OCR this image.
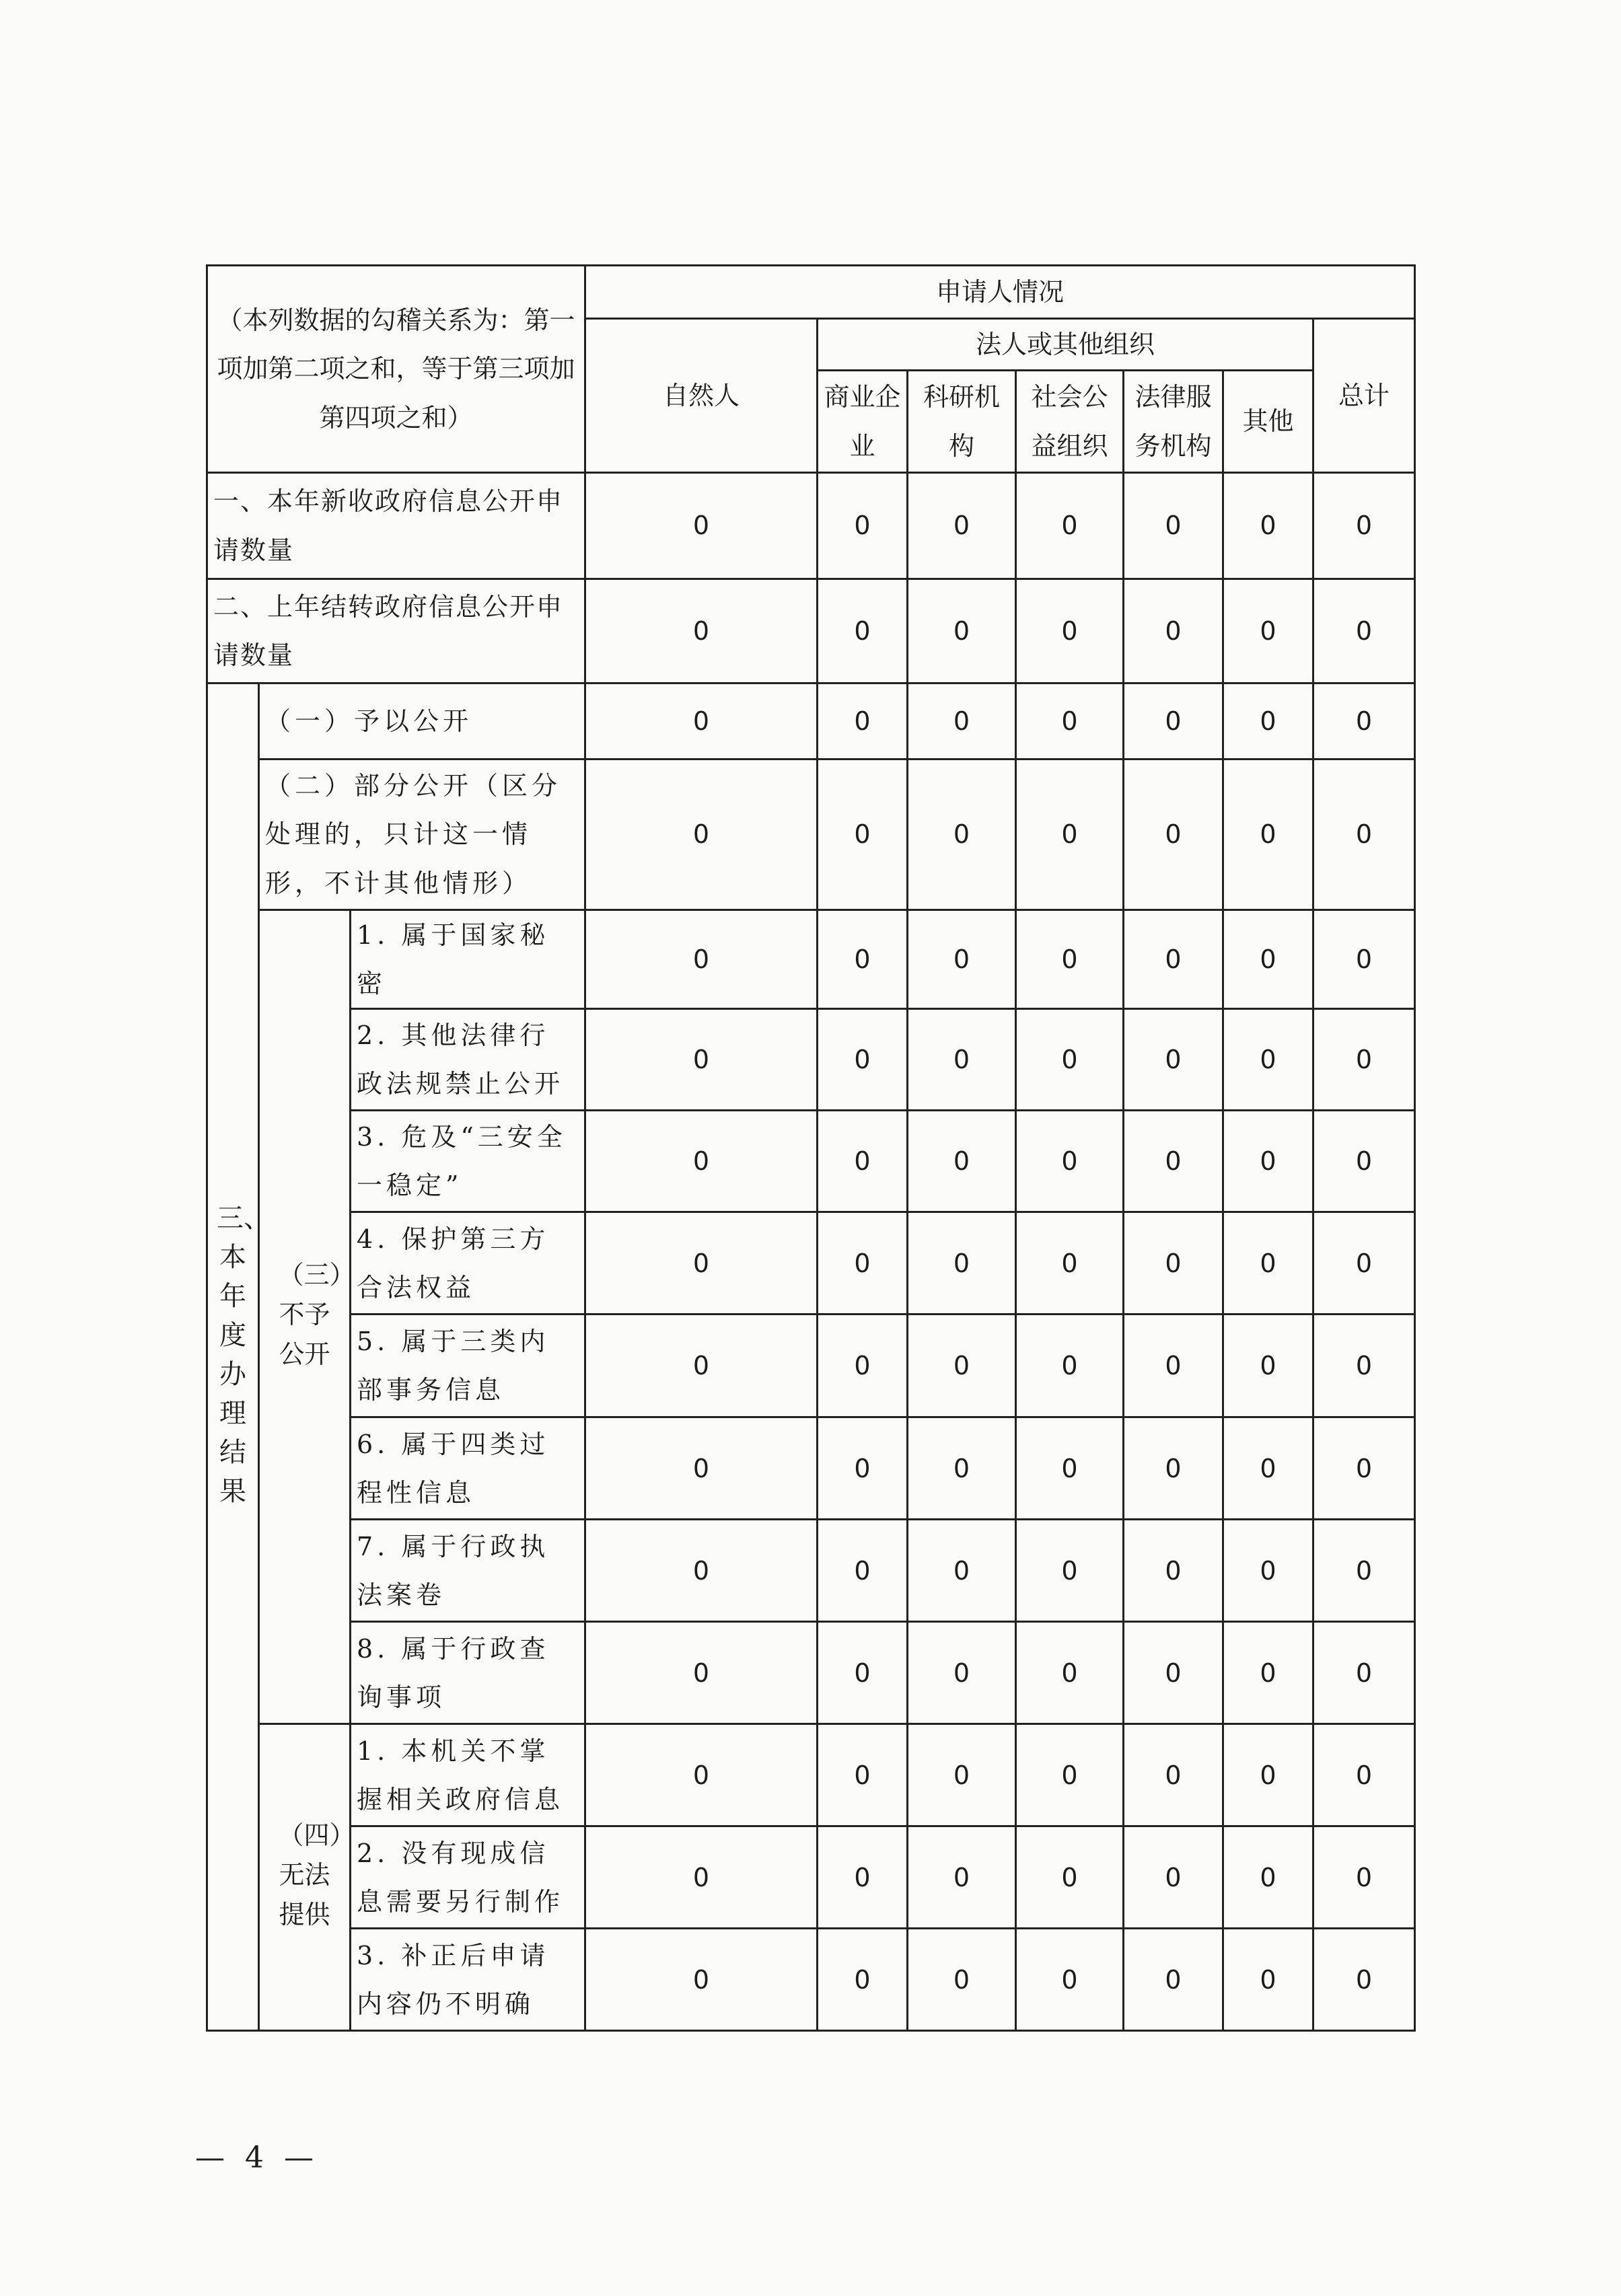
（本列数据的勾稽关系为：第一项加第二项之和，等于第三项加第四项之和）			申请人情况						
			自然人	法人或其他组织					总计
				商业企业	科研机构	社会公益组织	法律服务机构	其他	
一、本年新收政府信息公开申请数量			0	0	0	0	0	0	0
二、上年结转政府信息公开申请数量			0	0	0	0	0	0	0
三、本年度办理结果	（一）予以公开		0	0	0	0	0	0	0
	（二）部分公开（区分处理的，只计这一情形，不计其他情形）		0	0	0	0	0	0	0
	（三）不予公开	1. 属于国家秘密	0	0	0	0	0	0	0
		2. 其他法律行政法规禁止公开	0	0	0	0	0	0	0
		3. 危及“三安全一稳定”	0	0	0	0	0	0	0
		4. 保护第三方合法权益	0	0	0	0	0	0	0
		5. 属于三类内部事务信息	0	0	0	0	0	0	0
		6. 属于四类过程性信息	0	0	0	0	0	0	0
		7. 属于行政执法案卷	0	0	0	0	0	0	0
		8. 属于行政查询事项	0	0	0	0	0	0	0
	（四）无法提供	1. 本机关不掌握相关政府信息	0	0	0	0	0	0	0
		2. 没有现成信息需要另行制作	0	0	0	0	0	0	0
		3. 补正后申请内容仍不明确	0	0	0	0	0	0	0
— 4 —
